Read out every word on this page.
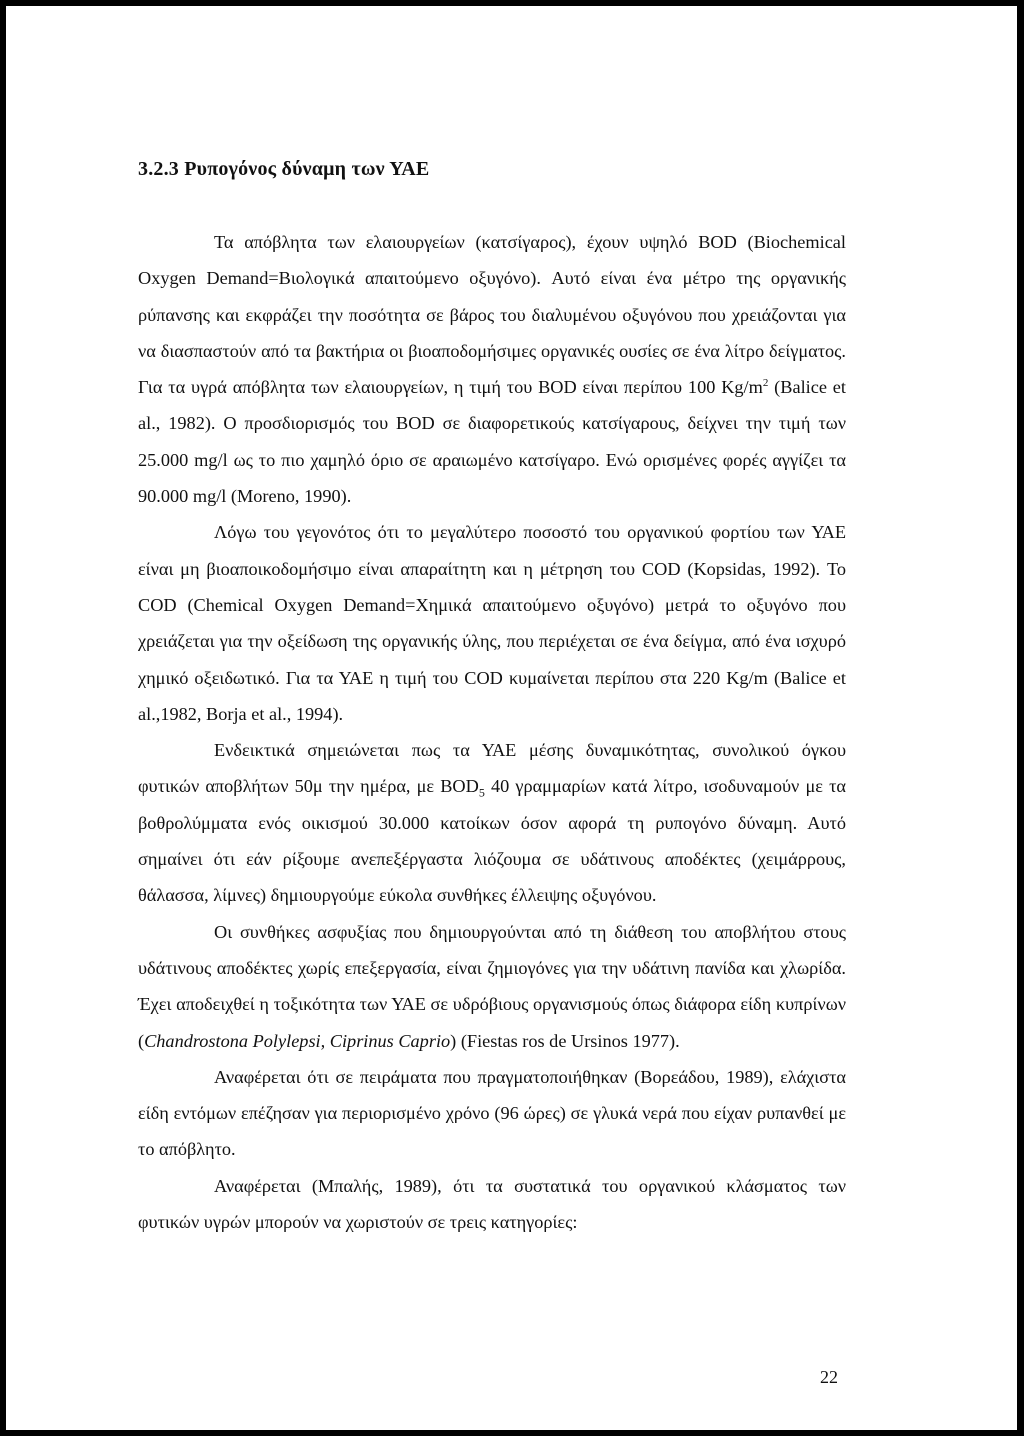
3.2.3 Ρυπογόνος δύναμη των ΥΑΕ

Τα απόβλητα των ελαιουργείων (κατσίγαρος), έχουν υψηλό BOD (Biochemical Oxygen Demand=Βιολογικά απαιτούμενο οξυγόνο). Αυτό είναι ένα μέτρο της οργανικής ρύπανσης και εκφράζει την ποσότητα σε βάρος του διαλυμένου οξυγόνου που χρειάζονται για να διασπαστούν από τα βακτήρια οι βιοαποδομήσιμες οργανικές ουσίες σε ένα λίτρο δείγματος. Για τα υγρά απόβλητα των ελαιουργείων, η τιμή του BOD είναι περίπου 100 $Kg/m^2$ (Balice et al., 1982). Ο προσδιορισμός του BOD σε διαφορετικούς κατσίγαρους, δείχνει την τιμή των 25.000 mg/l ως το πιο χαμηλό όριο σε αραιωμένο κατσίγαρο. Ενώ ορισμένες φορές αγγίζει τα 90.000 mg/l (Moreno, 1990).

Λόγω του γεγονότος ότι το μεγαλύτερο ποσοστό του οργανικού φορτίου των ΥΑΕ είναι μη βιοαποικοδομήσιμο είναι απαραίτητη και η μέτρηση του COD (Kopsidas, 1992). Το COD (Chemical Oxygen Demand=Χημικά απαιτούμενο οξυγόνο) μετρά το οξυγόνο που χρειάζεται για την οξείδωση της οργανικής ύλης, που περιέχεται σε ένα δείγμα, από ένα ισχυρό χημικό οξειδωτικό. Για τα ΥΑΕ η τιμή του COD κυμαίνεται περίπου στα 220 Kg/m (Balice et al.,1982, Borja et al., 1994).

Ενδεικτικά σημειώνεται πως τα ΥΑΕ μέσης δυναμικότητας, συνολικού όγκου φυτικών αποβλήτων 50μ την ημέρα, με $BOD_5$ 40 γραμμαρίων κατά λίτρο, ισοδυναμούν με τα βοθρολύμματα ενός οικισμού 30.000 κατοίκων όσον αφορά τη ρυπογόνο δύναμη. Αυτό σημαίνει ότι εάν ρίξουμε ανεπεξέργαστα λιόζουμα σε υδάτινους αποδέκτες (χειμάρρους, θάλασσα, λίμνες) δημιουργούμε εύκολα συνθήκες έλλειψης οξυγόνου.

Οι συνθήκες ασφυξίας που δημιουργούνται από τη διάθεση του αποβλήτου στους υδάτινους αποδέκτες χωρίς επεξεργασία, είναι ζημιογόνες για την υδάτινη πανίδα και χλωρίδα. Έχει αποδειχθεί η τοξικότητα των ΥΑΕ σε υδρόβιους οργανισμούς όπως διάφορα είδη κυπρίνων (Chandrostona Polylepsi, Ciprinus Caprio) (Fiestas ros de Ursinos 1977).

Αναφέρεται ότι σε πειράματα που πραγματοποιήθηκαν (Βορεάδου, 1989), ελάχιστα είδη εντόμων επέζησαν για περιορισμένο χρόνο (96 ώρες) σε γλυκά νερά που είχαν ρυπανθεί με το απόβλητο.

Αναφέρεται (Μπαλής, 1989), ότι τα συστατικά του οργανικού κλάσματος των φυτικών υγρών μπορούν να χωριστούν σε τρεις κατηγορίες:

22
